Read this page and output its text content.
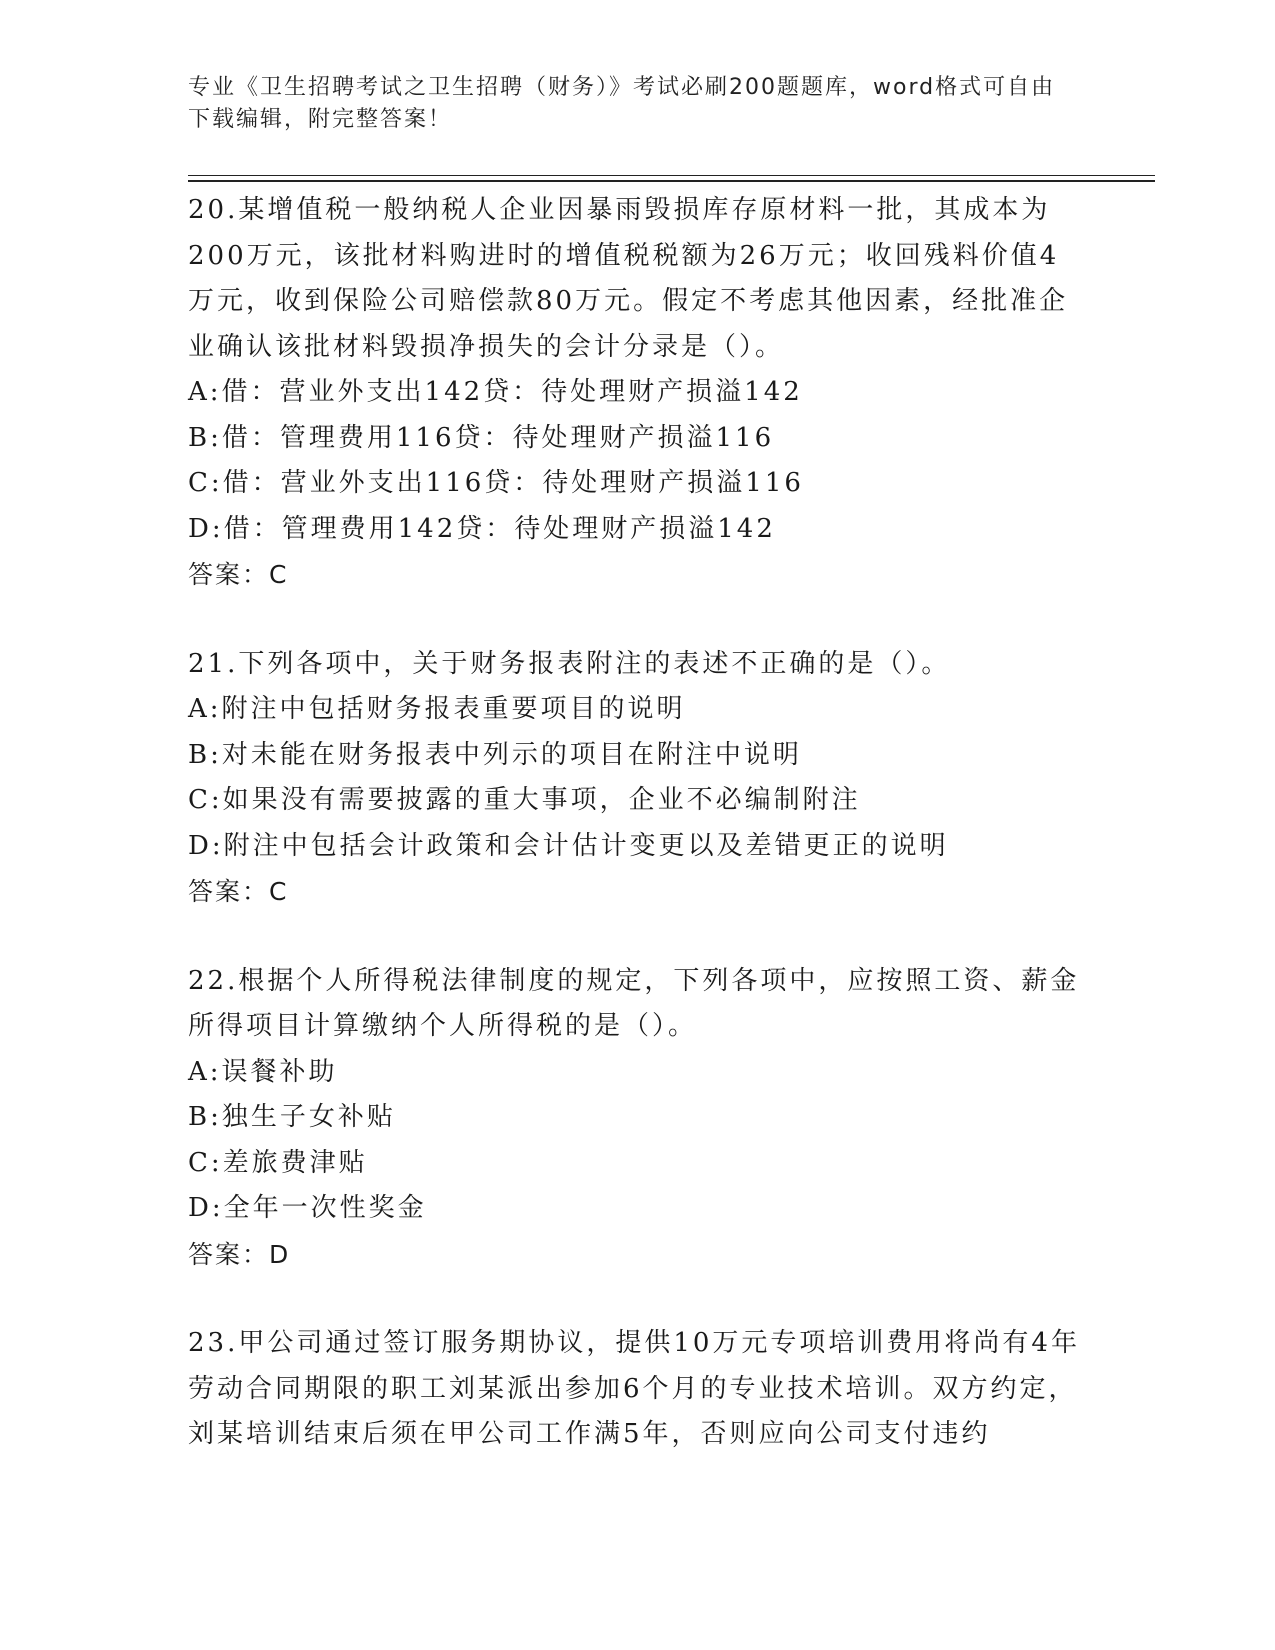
专业《卫生招聘考试之卫生招聘（财务）》考试必刷200题题库，word格式可自由下载编辑，附完整答案！

20.某增值税一般纳税人企业因暴雨毁损库存原材料一批，其成本为200万元，该批材料购进时的增值税税额为26万元；收回残料价值4万元，收到保险公司赔偿款80万元。假定不考虑其他因素，经批准企业确认该批材料毁损净损失的会计分录是（）。

A:借：营业外支出142贷：待处理财产损溢142

B:借：管理费用116贷：待处理财产损溢116

C:借：营业外支出116贷：待处理财产损溢116

D:借：管理费用142贷：待处理财产损溢142

答案：C

21.下列各项中，关于财务报表附注的表述不正确的是（）。

A:附注中包括财务报表重要项目的说明

B:对未能在财务报表中列示的项目在附注中说明

C:如果没有需要披露的重大事项，企业不必编制附注

D:附注中包括会计政策和会计估计变更以及差错更正的说明

答案：C

22.根据个人所得税法律制度的规定，下列各项中，应按照工资、薪金所得项目计算缴纳个人所得税的是（）。

A:误餐补助

B:独生子女补贴

C:差旅费津贴

D:全年一次性奖金

答案：D

23.甲公司通过签订服务期协议，提供10万元专项培训费用将尚有4年劳动合同期限的职工刘某派出参加6个月的专业技术培训。双方约定，刘某培训结束后须在甲公司工作满5年，否则应向公司支付违约
